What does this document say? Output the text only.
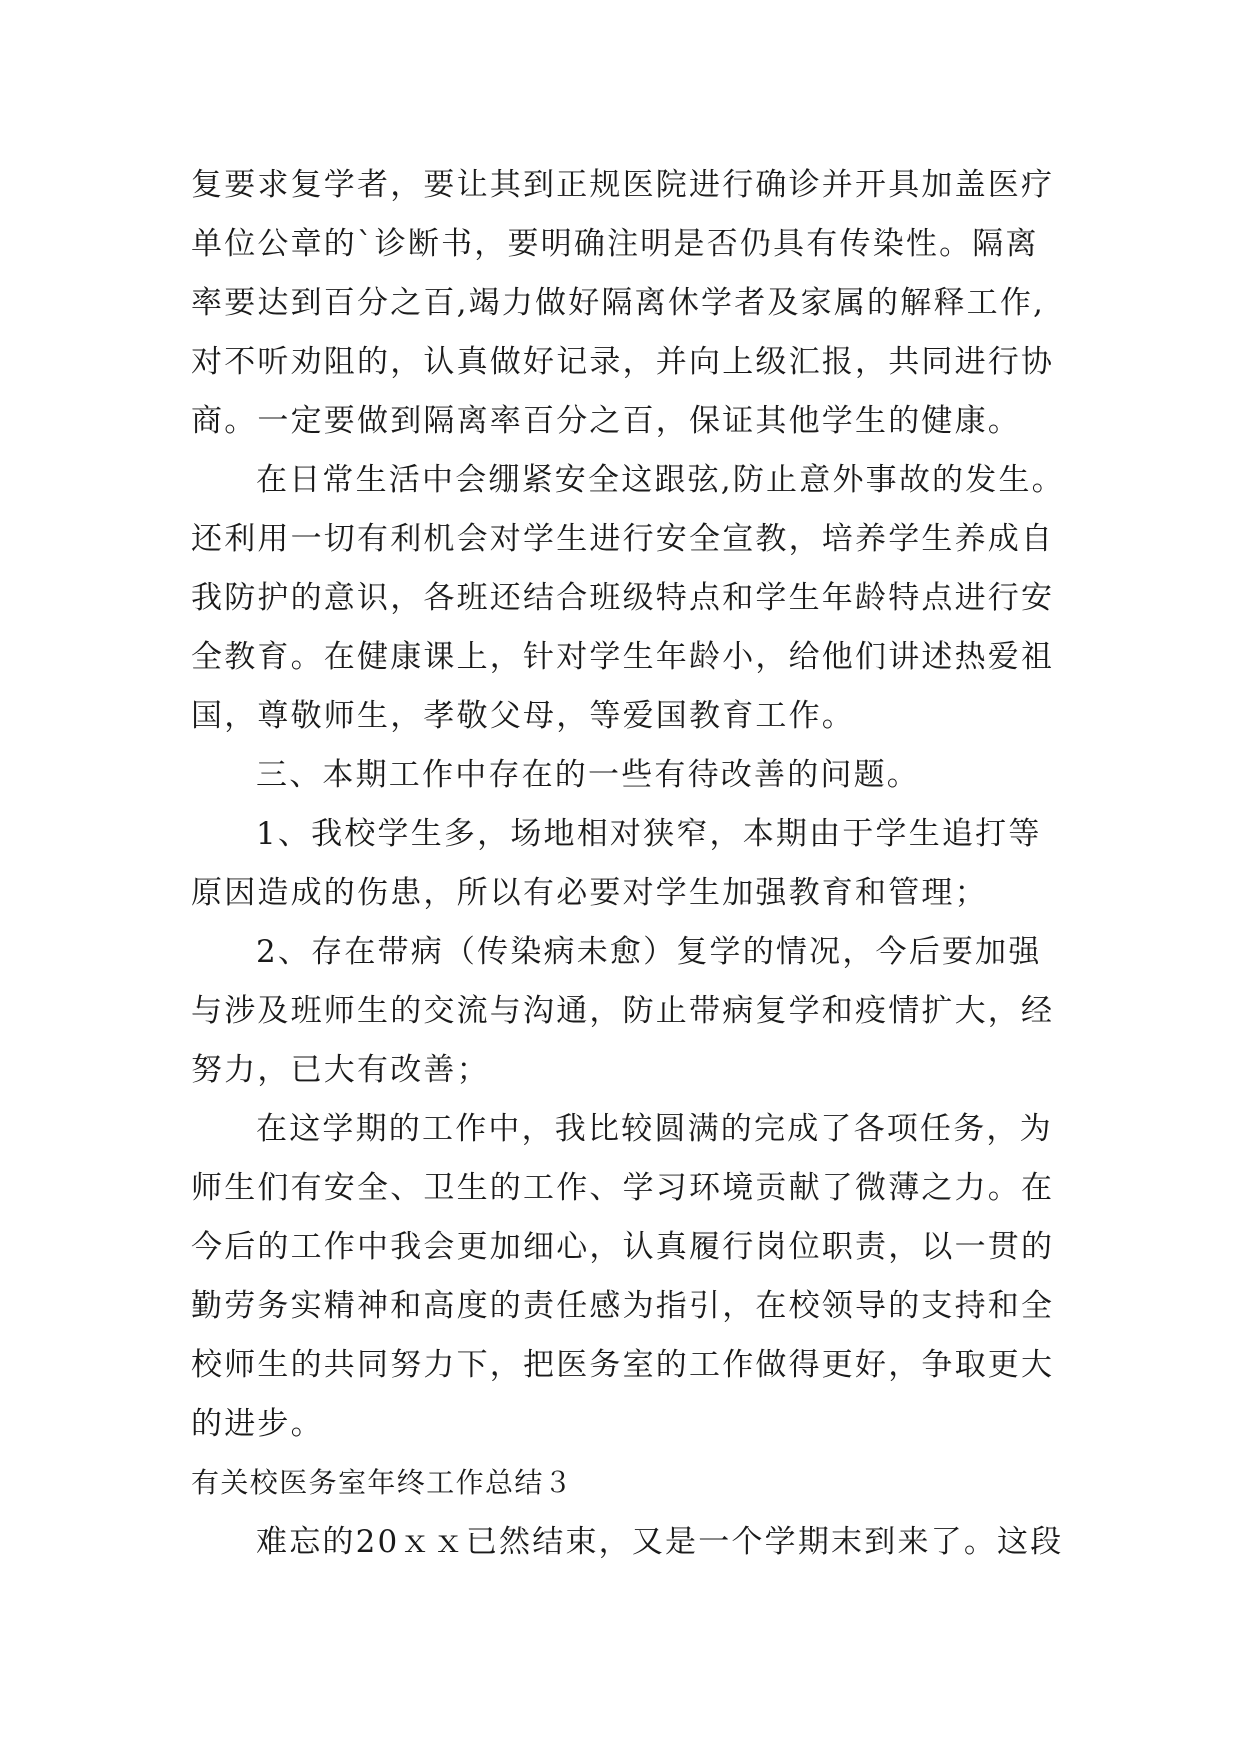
复要求复学者，要让其到正规医院进行确诊并开具加盖医疗
单位公章的`诊断书，要明确注明是否仍具有传染性。隔离
率要达到百分之百,竭力做好隔离休学者及家属的解释工作,
对不听劝阻的，认真做好记录，并向上级汇报，共同进行协
商。一定要做到隔离率百分之百，保证其他学生的健康。
在日常生活中会绷紧安全这跟弦,防止意外事故的发生。
还利用一切有利机会对学生进行安全宣教，培养学生养成自
我防护的意识，各班还结合班级特点和学生年龄特点进行安
全教育。在健康课上，针对学生年龄小，给他们讲述热爱祖
国，尊敬师生，孝敬父母，等爱国教育工作。
三、本期工作中存在的一些有待改善的问题。
1、我校学生多，场地相对狭窄，本期由于学生追打等
原因造成的伤患，所以有必要对学生加强教育和管理；
2、存在带病（传染病未愈）复学的情况，今后要加强
与涉及班师生的交流与沟通，防止带病复学和疫情扩大，经
努力，已大有改善；
在这学期的工作中，我比较圆满的完成了各项任务，为
师生们有安全、卫生的工作、学习环境贡献了微薄之力。在
今后的工作中我会更加细心，认真履行岗位职责，以一贯的
勤劳务实精神和高度的责任感为指引，在校领导的支持和全
校师生的共同努力下，把医务室的工作做得更好，争取更大
的进步。
有关校医务室年终工作总结３
难忘的20ｘｘ已然结束，又是一个学期末到来了。这段
